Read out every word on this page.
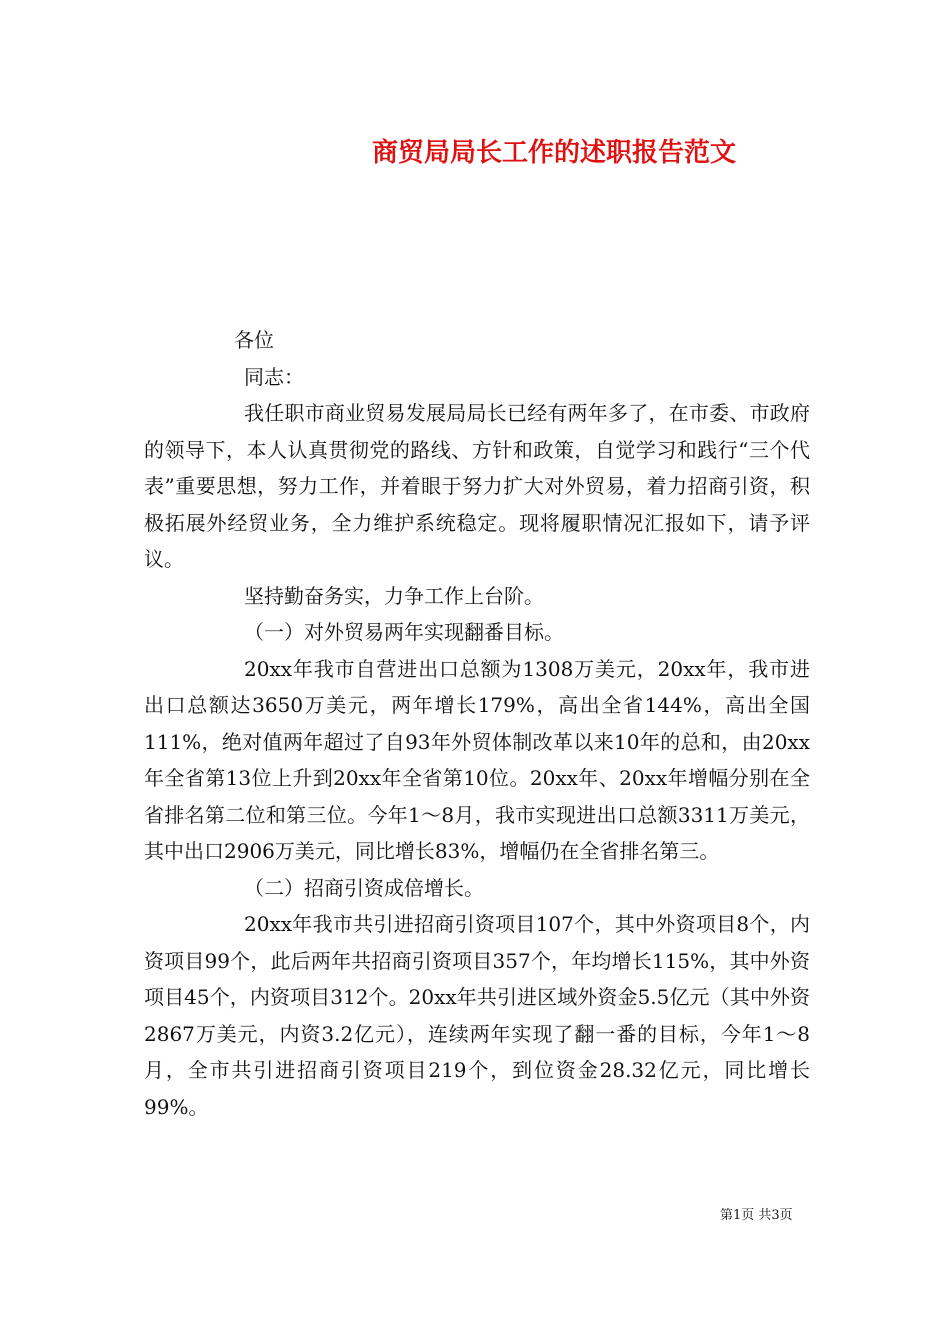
商贸局局长工作的述职报告范文

各位

同志：

我任职市商业贸易发展局局长已经有两年多了，在市委、市政府的领导下，本人认真贯彻党的路线、方针和政策，自觉学习和践行“三个代表”重要思想，努力工作，并着眼于努力扩大对外贸易，着力招商引资，积极拓展外经贸业务，全力维护系统稳定。现将履职情况汇报如下，请予评议。

坚持勤奋务实，力争工作上台阶。

（一）对外贸易两年实现翻番目标。

20xx年我市自营进出口总额为1308万美元，20xx年，我市进出口总额达3650万美元，两年增长179%，高出全省144%，高出全国111%，绝对值两年超过了自93年外贸体制改革以来10年的总和，由20xx年全省第13位上升到20xx年全省第10位。20xx年、20xx年增幅分别在全省排名第二位和第三位。今年1～8月，我市实现进出口总额3311万美元，其中出口2906万美元，同比增长83%，增幅仍在全省排名第三。

（二）招商引资成倍增长。

20xx年我市共引进招商引资项目107个，其中外资项目8个，内资项目99个，此后两年共招商引资项目357个，年均增长115%，其中外资项目45个，内资项目312个。20xx年共引进区域外资金5.5亿元（其中外资2867万美元，内资3.2亿元），连续两年实现了翻一番的目标，今年1～8月，全市共引进招商引资项目219个，到位资金28.32亿元，同比增长99%。

第1页 共3页
